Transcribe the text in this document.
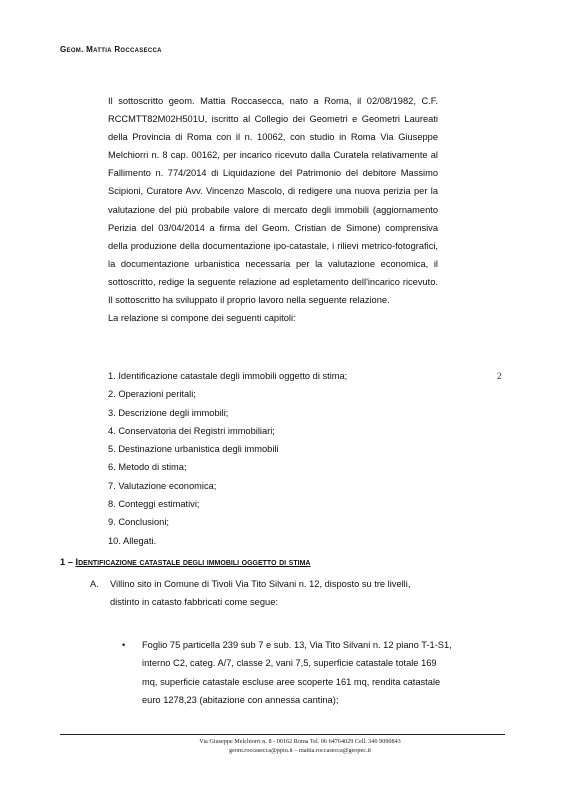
Geom. Mattia Roccasecca

Il sottoscritto geom. Mattia Roccasecca, nato a Roma, il 02/08/1982, C.F. RCCMTT82M02H501U, iscritto al Collegio dei Geometri e Geometri Laureati della Provincia di Roma con il n. 10062, con studio in Roma Via Giuseppe Melchiorri n. 8 cap. 00162, per incarico ricevuto dalla Curatela relativamente al Fallimento n. 774/2014 di Liquidazione del Patrimonio del debitore Massimo Scipioni, Curatore Avv. Vincenzo Mascolo, di redigere una nuova perizia per la valutazione del più probabile valore di mercato degli immobili (aggiornamento Perizia del 03/04/2014 a firma del Geom. Cristian de Simone) comprensiva della produzione della documentazione ipo-catastale, i rilievi metrico-fotografici, la documentazione urbanistica necessaria per la valutazione economica, il sottoscritto, redige la seguente relazione ad espletamento dell'incarico ricevuto. Il sottoscritto ha sviluppato il proprio lavoro nella seguente relazione.

La relazione si compone dei seguenti capitoli:

1. Identificazione catastale degli immobili oggetto di stima;
2. Operazioni peritali;
3. Descrizione degli immobili;
4. Conservatoria dei Registri immobiliari;
5. Destinazione urbanistica degli immobili
6. Metodo di stima;
7. Valutazione economica;
8. Conteggi estimativi;
9. Conclusioni;
10. Allegati.
2
1 – Identificazione catastale degli immobili oggetto di stima
A. Villino sito in Comune di Tivoli Via Tito Silvani n. 12, disposto su tre livelli, distinto in catasto fabbricati come segue:
• Foglio 75 particella 239 sub 7 e sub. 13, Via Tito Silvani n. 12 piano T-1-S1, interno C2, categ. A/7, classe 2, vani 7,5, superficie catastale totale 169 mq, superficie catastale escluse aree scoperte 161 mq, rendita catastale euro 1278,23 (abitazione con annessa cantina);
Via Giuseppe Melchiorri n. 8 - 00162 Roma Tel. 06 64764029 Cell. 340 9090843
geom.roccasecca@ppiu.it – mattia.roccasecca@geopec.it
